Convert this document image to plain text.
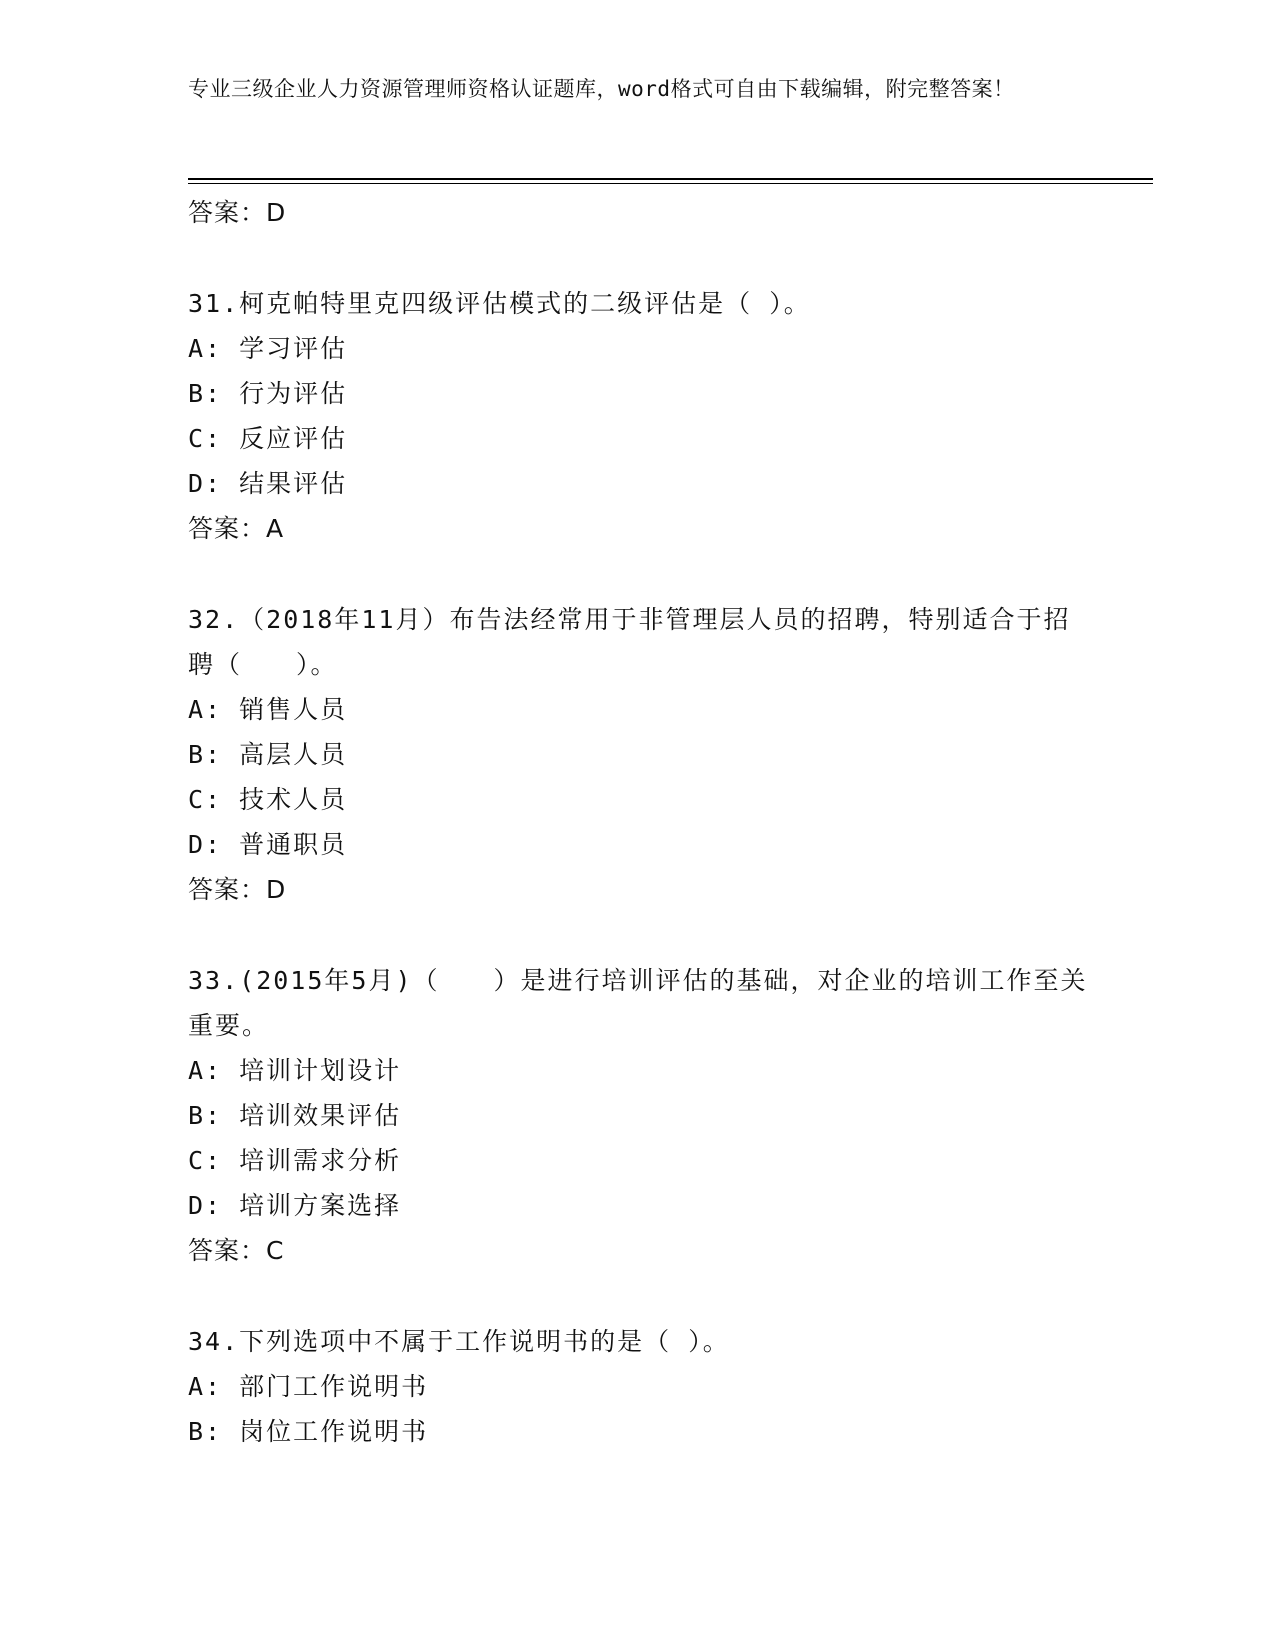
专业三级企业人力资源管理师资格认证题库，word格式可自由下载编辑，附完整答案！

答案：D

31.柯克帕特里克四级评估模式的二级评估是（ ）。

A: 学习评估

B: 行为评估

C: 反应评估

D: 结果评估

答案：A

32.（2018年11月）布告法经常用于非管理层人员的招聘，特别适合于招聘（　　）。

A: 销售人员

B: 高层人员

C: 技术人员

D: 普通职员

答案：D

33.(2015年5月)（　　）是进行培训评估的基础，对企业的培训工作至关重要。

A: 培训计划设计

B: 培训效果评估

C: 培训需求分析

D: 培训方案选择

答案：C

34.下列选项中不属于工作说明书的是（ ）。

A: 部门工作说明书

B: 岗位工作说明书
